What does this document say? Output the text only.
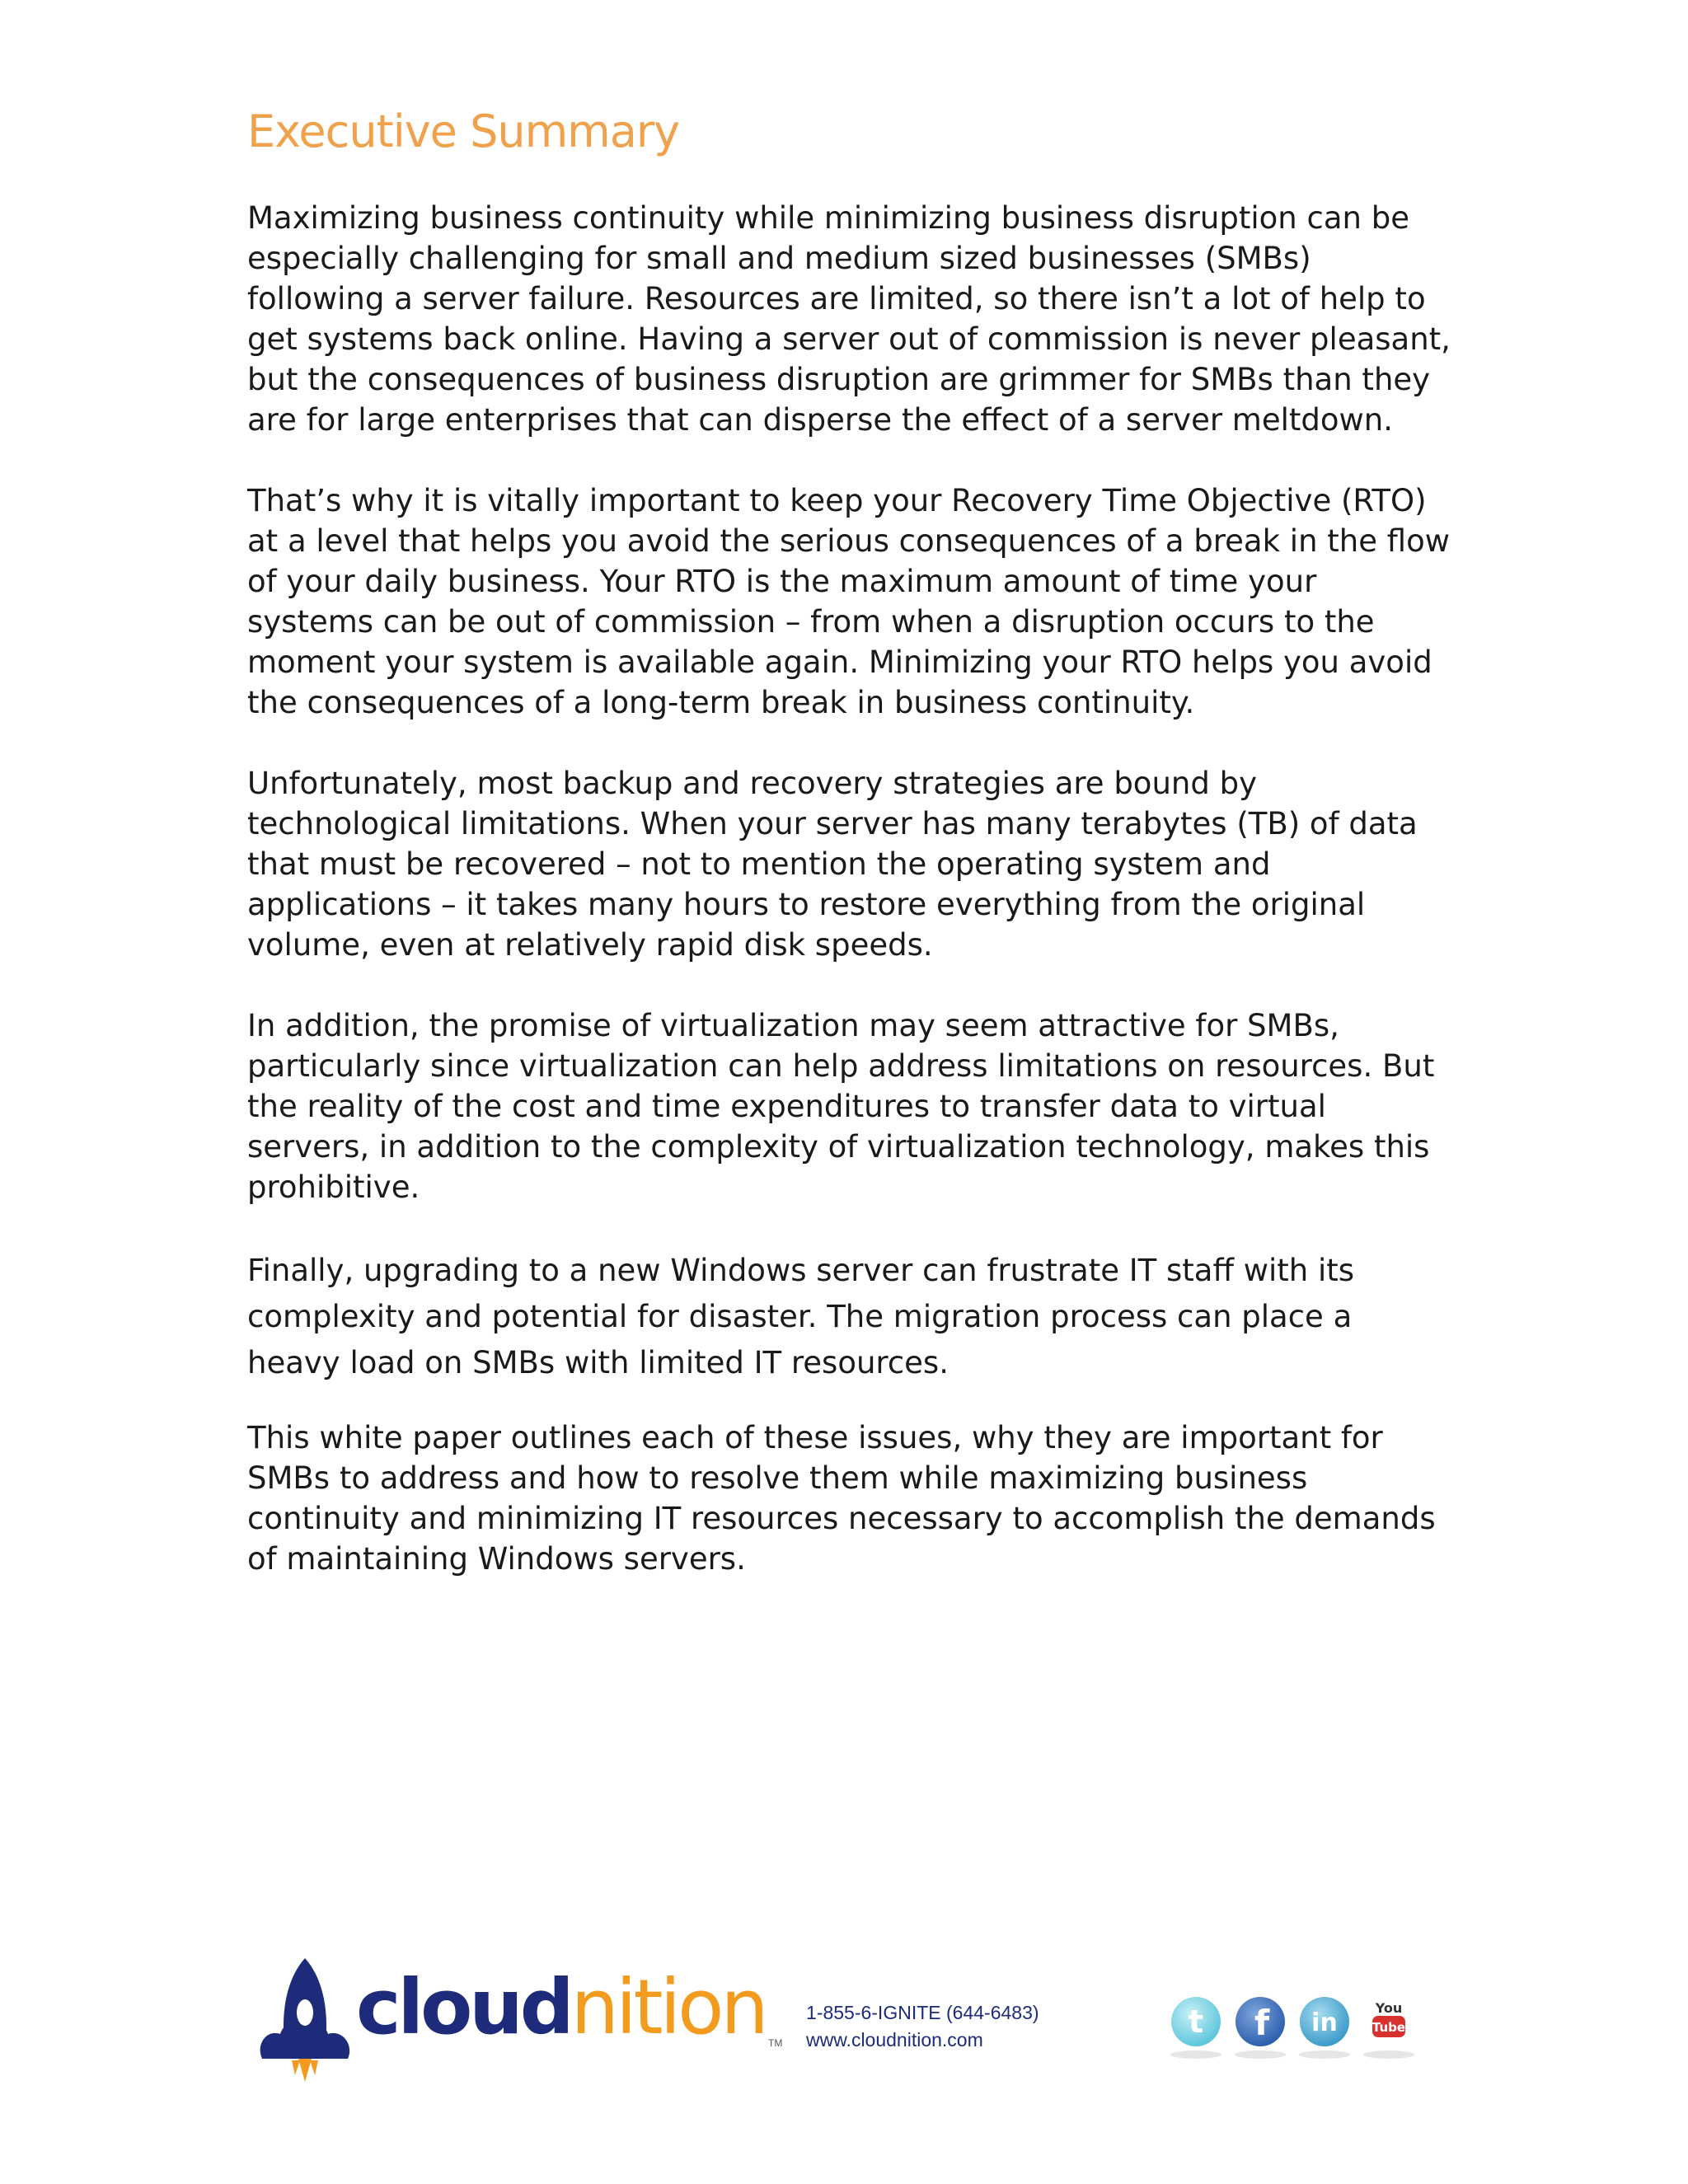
Executive Summary

Maximizing business continuity while minimizing business disruption can be especially challenging for small and medium sized businesses (SMBs) following a server failure. Resources are limited, so there isn’t a lot of help to get systems back online. Having a server out of commission is never pleasant, but the consequences of business disruption are grimmer for SMBs than they are for large enterprises that can disperse the effect of a server meltdown.

That’s why it is vitally important to keep your Recovery Time Objective (RTO) at a level that helps you avoid the serious consequences of a break in the flow of your daily business. Your RTO is the maximum amount of time your systems can be out of commission – from when a disruption occurs to the moment your system is available again. Minimizing your RTO helps you avoid the consequences of a long-term break in business continuity.

Unfortunately, most backup and recovery strategies are bound by technological limitations. When your server has many terabytes (TB) of data that must be recovered – not to mention the operating system and applications – it takes many hours to restore everything from the original volume, even at relatively rapid disk speeds.

In addition, the promise of virtualization may seem attractive for SMBs, particularly since virtualization can help address limitations on resources. But the reality of the cost and time expenditures to transfer data to virtual servers, in addition to the complexity of virtualization technology, makes this prohibitive.

Finally, upgrading to a new Windows server can frustrate IT staff with its complexity and potential for disaster. The migration process can place a heavy load on SMBs with limited IT resources.

This white paper outlines each of these issues, why they are important for SMBs to address and how to resolve them while maximizing business continuity and minimizing IT resources necessary to accomplish the demands of maintaining Windows servers.

cloudnition TM
1-855-6-IGNITE (644-6483)
www.cloudnition.com	t f in
You
Tube
